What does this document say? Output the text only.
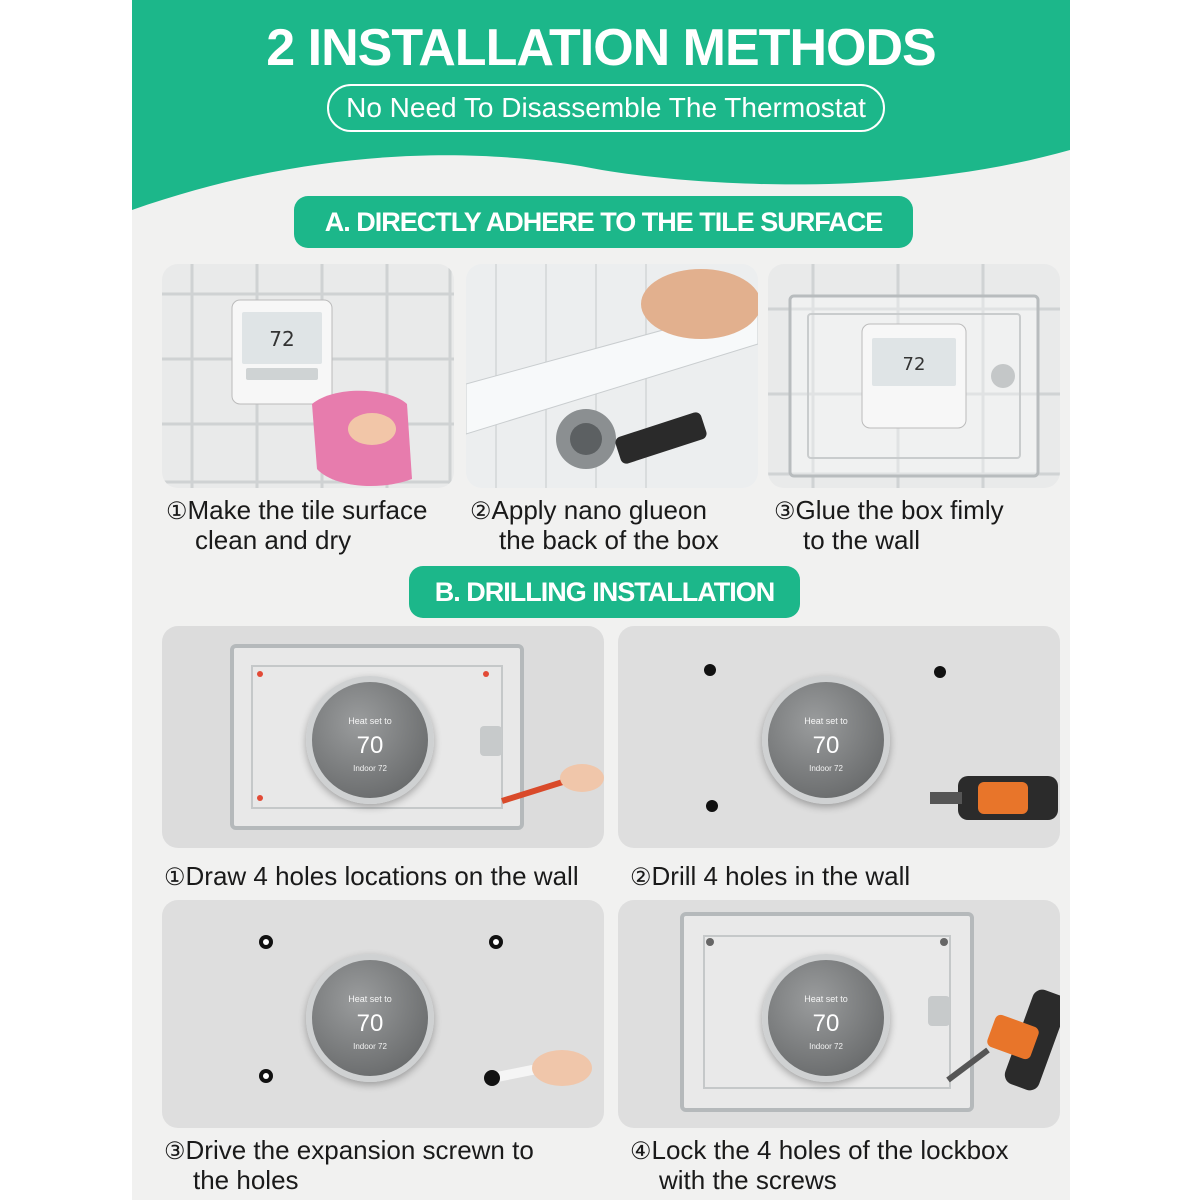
2 INSTALLATION METHODS
No Need To Disassemble The Thermostat
A. DIRECTLY ADHERE TO THE TILE SURFACE
72
72
①Make the tile surface
clean and dry
②Apply nano glueon
the back of the box
③Glue the box fimly
to the wall
B. DRILLING INSTALLATION
Heat set to
70
Indoor 72
Heat set to
70
Indoor 72
①Draw 4 holes locations on the wall	②Drill 4 holes in the wall
Heat set to
70
Indoor 72
Heat set to
70
Indoor 72
③Drive the expansion screwn to
the holes
④Lock the 4 holes of the lockbox
with the screws
